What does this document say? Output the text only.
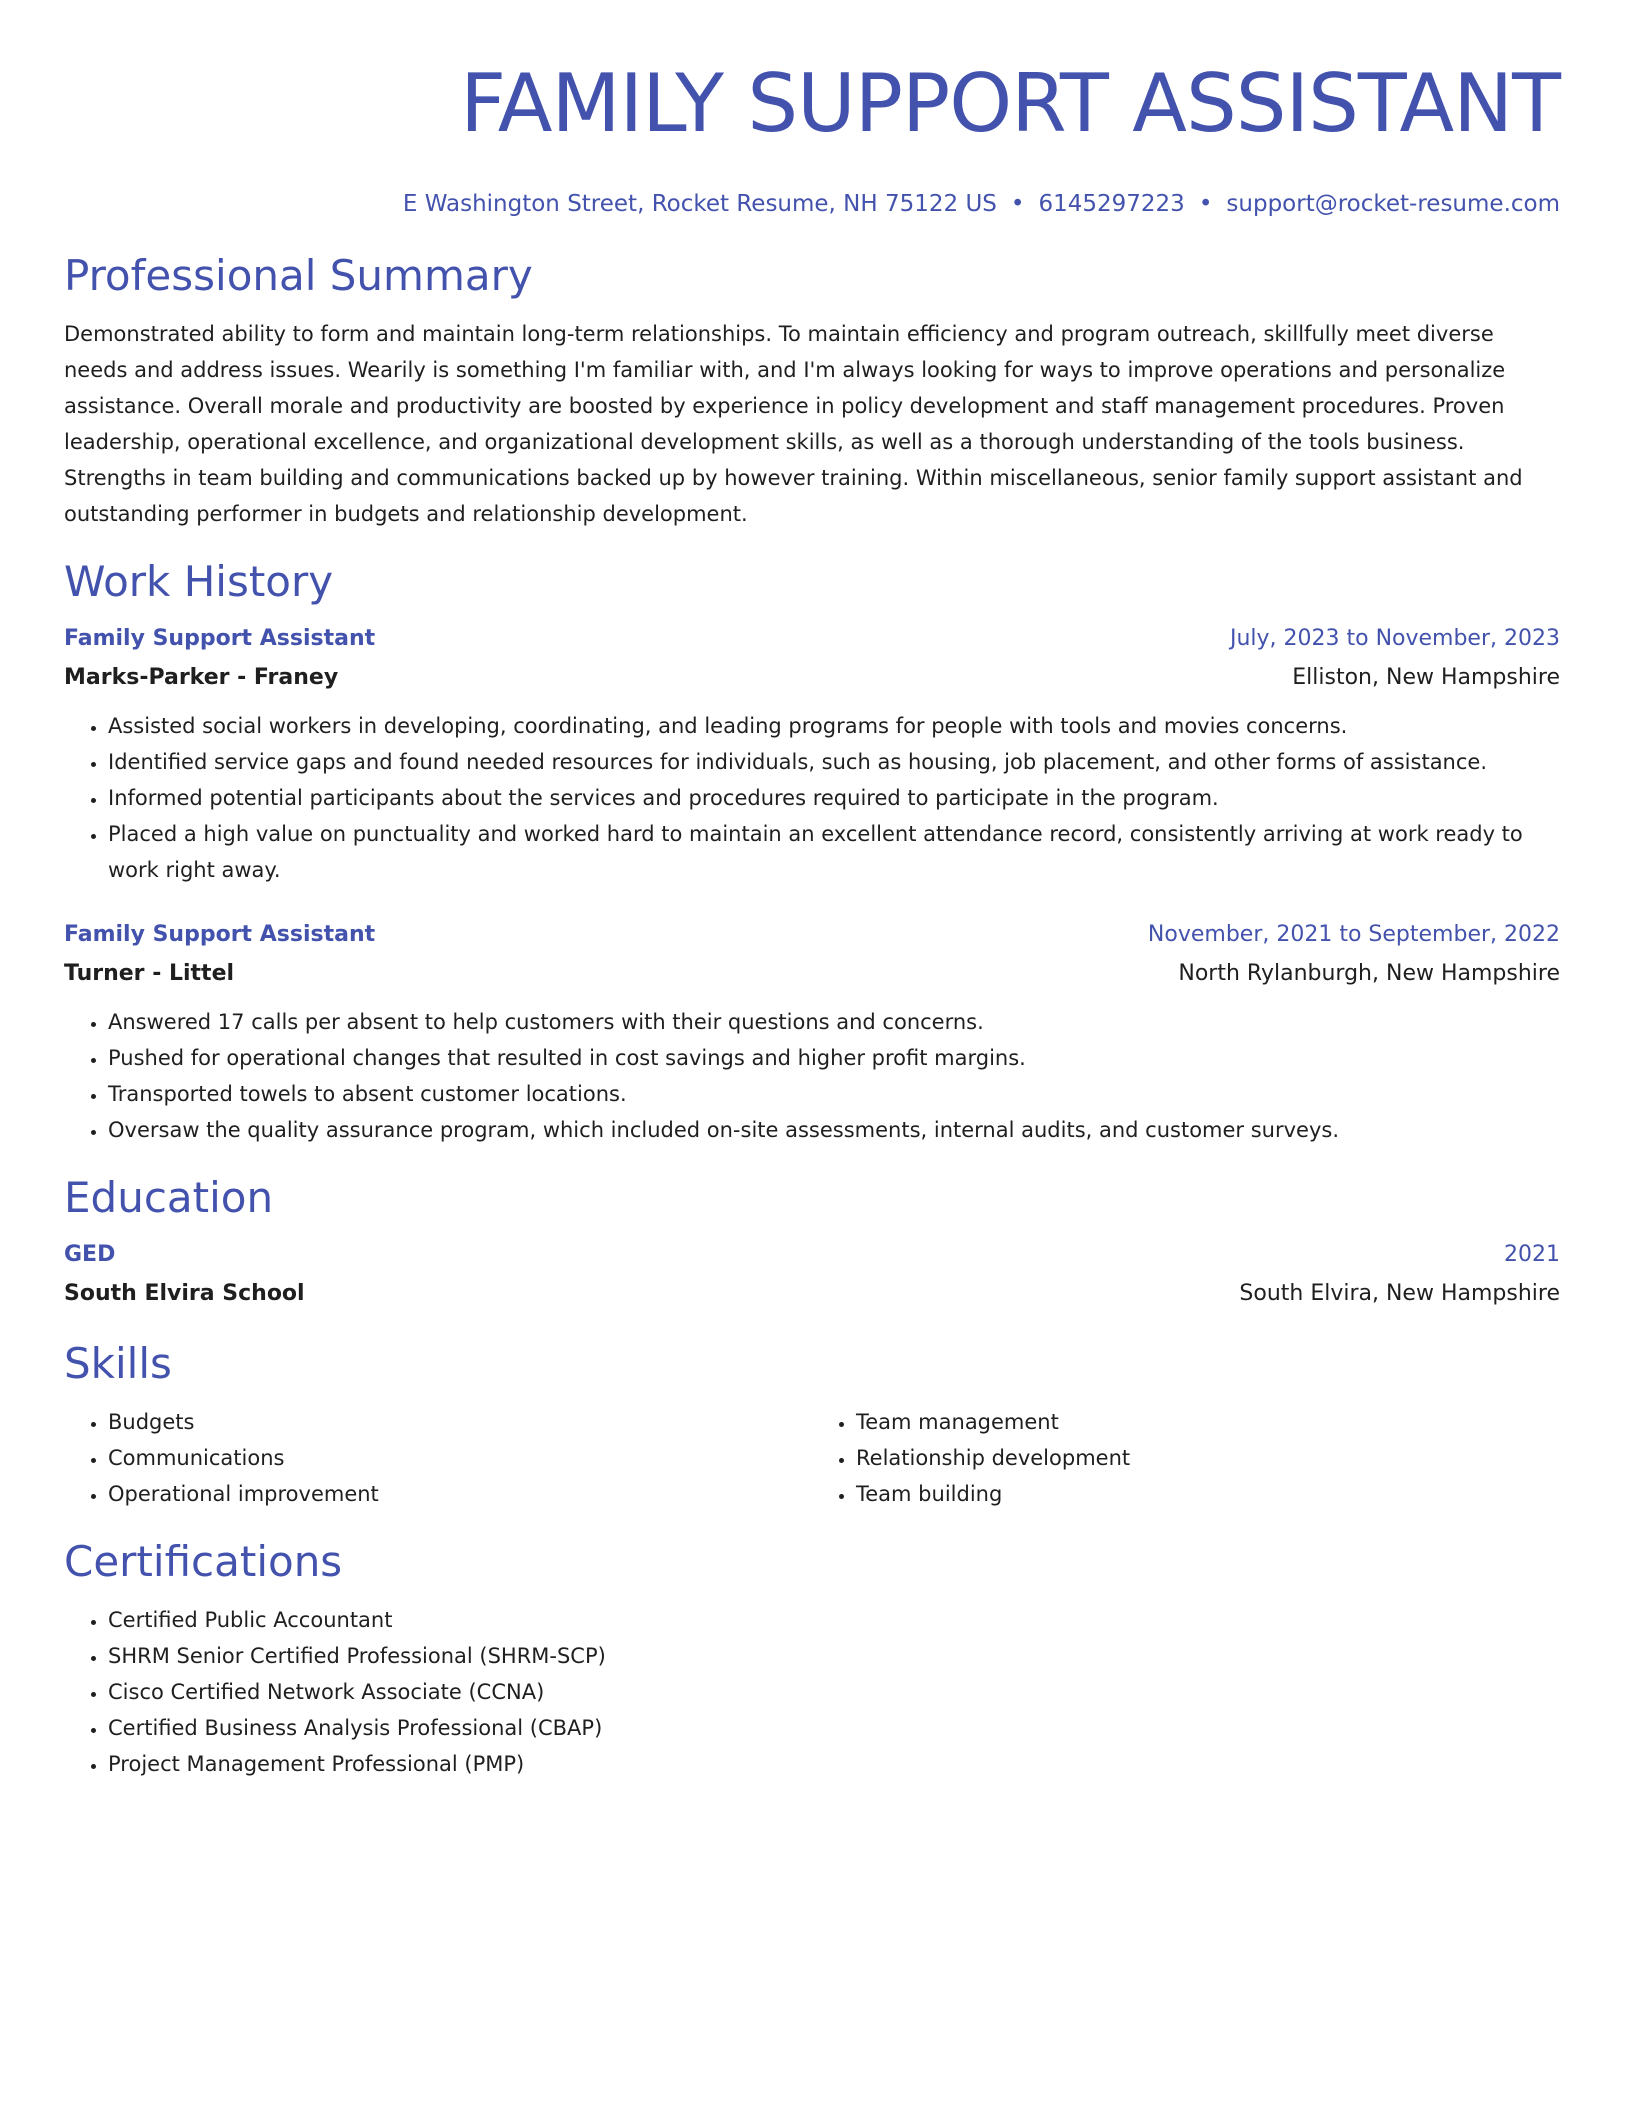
FAMILY SUPPORT ASSISTANT
E Washington Street, Rocket Resume, NH 75122 US • 6145297223 • support@rocket-resume.com
Professional Summary

Demonstrated ability to form and maintain long-term relationships. To maintain efficiency and program outreach, skillfully meet diverse needs and address issues. Wearily is something I'm familiar with, and I'm always looking for ways to improve operations and personalize assistance. Overall morale and productivity are boosted by experience in policy development and staff management procedures. Proven leadership, operational excellence, and organizational development skills, as well as a thorough understanding of the tools business. Strengths in team building and communications backed up by however training. Within miscellaneous, senior family support assistant and outstanding performer in budgets and relationship development.

Work History
Family Support Assistant	July, 2023 to November, 2023
Marks-Parker - Franey	Elliston, New Hampshire
• Assisted social workers in developing, coordinating, and leading programs for people with tools and movies concerns.
• Identified service gaps and found needed resources for individuals, such as housing, job placement, and other forms of assistance.
• Informed potential participants about the services and procedures required to participate in the program.
• Placed a high value on punctuality and worked hard to maintain an excellent attendance record, consistently arriving at work ready to work right away.
Family Support Assistant	November, 2021 to September, 2022
Turner - Littel	North Rylanburgh, New Hampshire
• Answered 17 calls per absent to help customers with their questions and concerns.
• Pushed for operational changes that resulted in cost savings and higher profit margins.
• Transported towels to absent customer locations.
• Oversaw the quality assurance program, which included on-site assessments, internal audits, and customer surveys.
Education
GED	2021
South Elvira School	South Elvira, New Hampshire
Skills
• Budgets
• Communications
• Operational improvement
• Team management
• Relationship development
• Team building
Certifications
• Certified Public Accountant
• SHRM Senior Certified Professional (SHRM-SCP)
• Cisco Certified Network Associate (CCNA)
• Certified Business Analysis Professional (CBAP)
• Project Management Professional (PMP)
